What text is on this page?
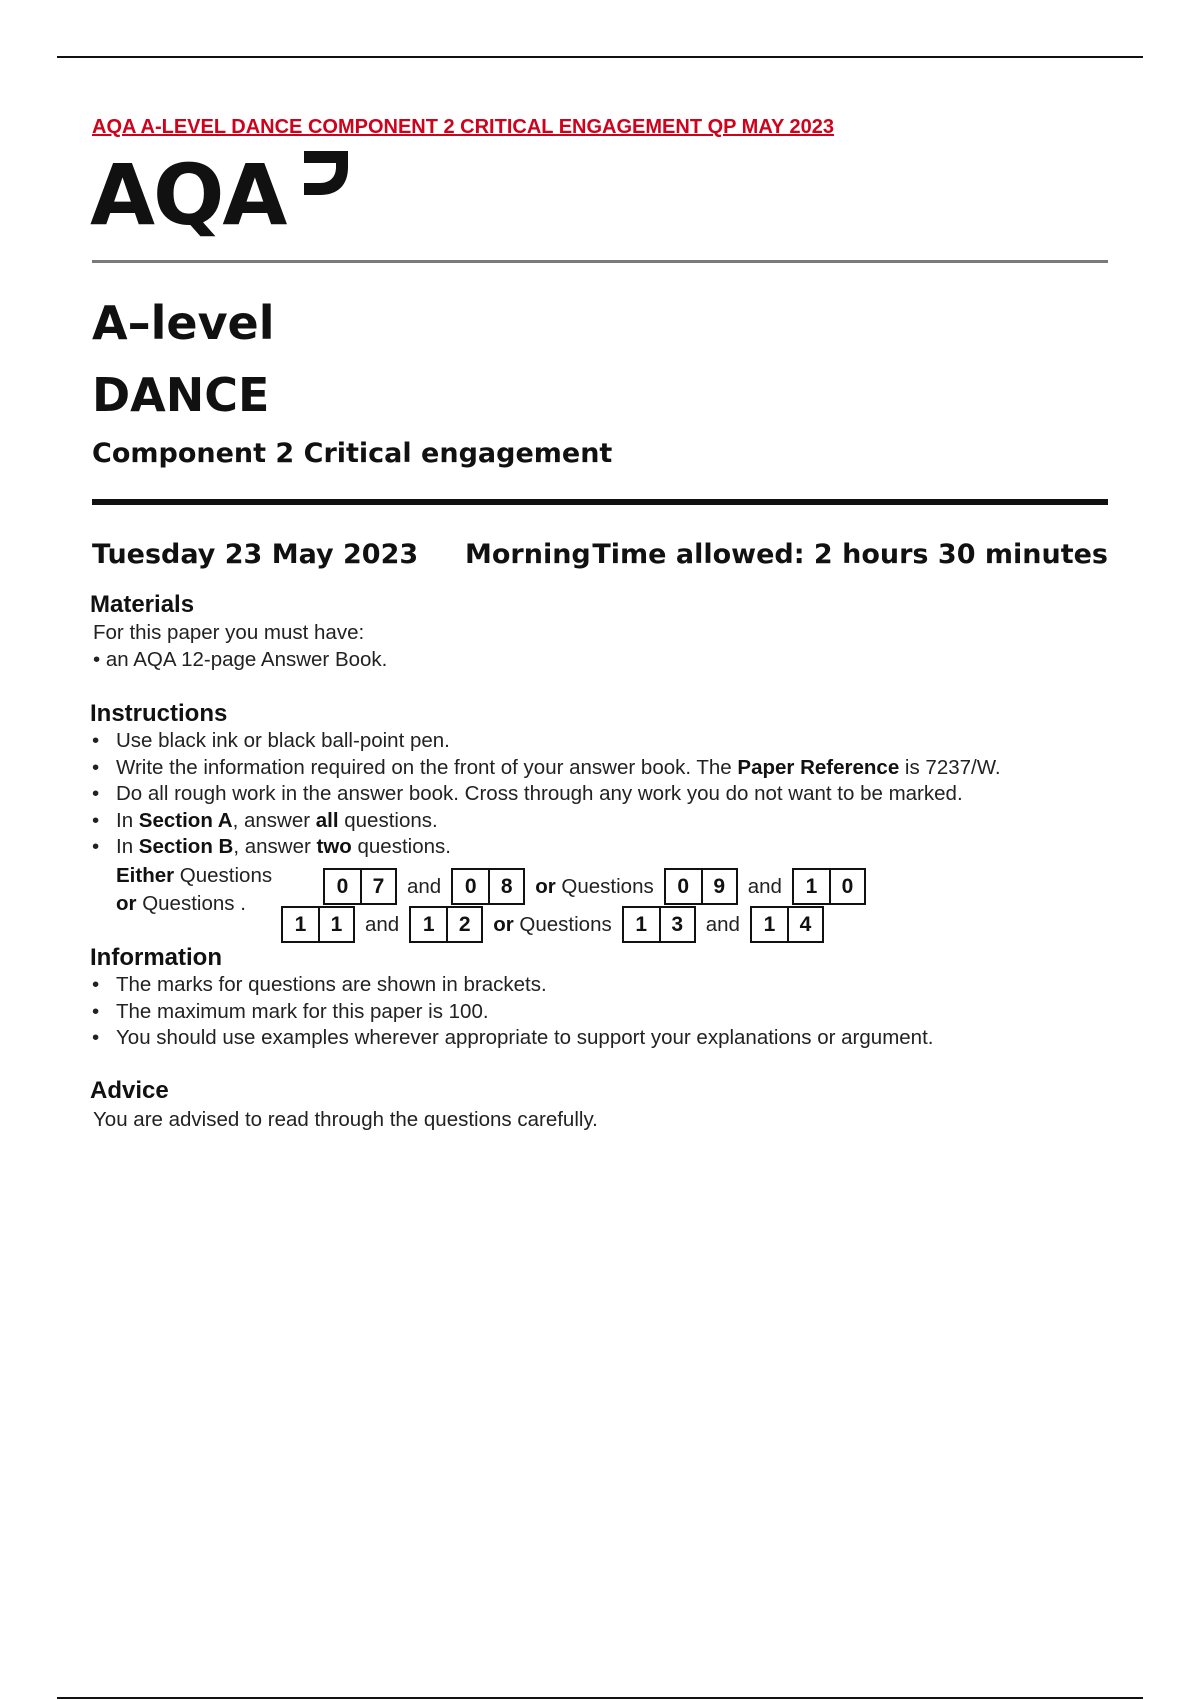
AQA A-LEVEL DANCE COMPONENT 2 CRITICAL ENGAGEMENT QP MAY 2023
AQA
A–level
DANCE
Component 2 Critical engagement
Tuesday 23 May 2023 Morning Time allowed: 2 hours 30 minutes
Materials
For this paper you must have:
• an AQA 12-page Answer Book.
Instructions
• Use black ink or black ball-point pen.
• Write the information required on the front of your answer book. The Paper Reference is 7237/W.
• Do all rough work in the answer book. Cross through any work you do not want to be marked.
• In Section A, answer all questions.
• In Section B, answer two questions.
Either Questions
or Questions .
0	7	and	0	8	or Questions	0	9	and	1	0
1	1	and	1	2	or Questions	1	3	and	1	4
Information
• The marks for questions are shown in brackets.
• The maximum mark for this paper is 100.
• You should use examples wherever appropriate to support your explanations or argument.
Advice
You are advised to read through the questions carefully.
